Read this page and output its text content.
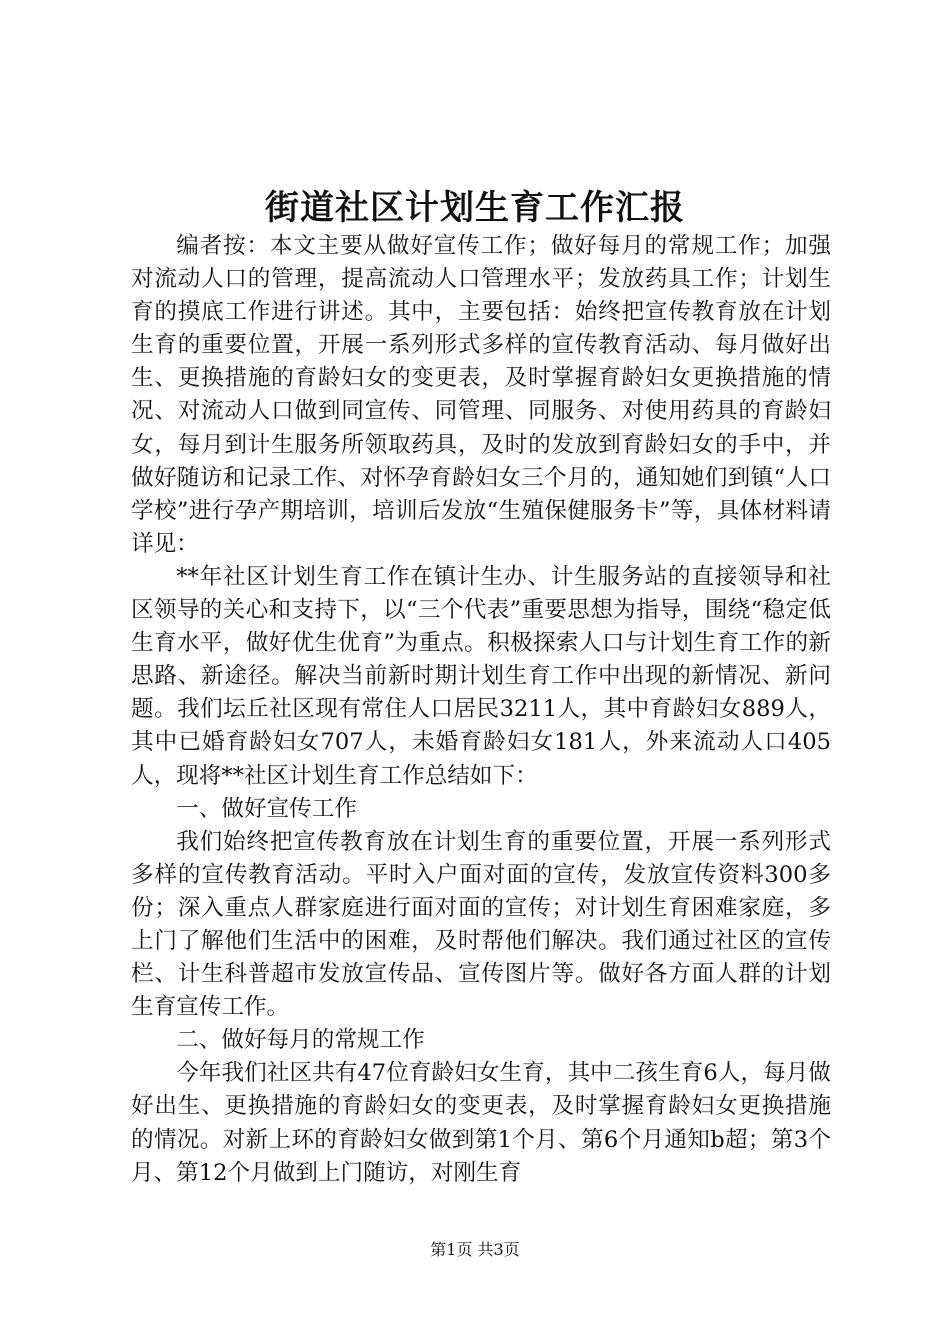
街道社区计划生育工作汇报

编者按：本文主要从做好宣传工作；做好每月的常规工作；加强对流动人口的管理，提高流动人口管理水平；发放药具工作；计划生育的摸底工作进行讲述。其中，主要包括：始终把宣传教育放在计划生育的重要位置，开展一系列形式多样的宣传教育活动、每月做好出生、更换措施的育龄妇女的变更表，及时掌握育龄妇女更换措施的情况、对流动人口做到同宣传、同管理、同服务、对使用药具的育龄妇女，每月到计生服务所领取药具，及时的发放到育龄妇女的手中，并做好随访和记录工作、对怀孕育龄妇女三个月的，通知她们到镇“人口学校”进行孕产期培训，培训后发放“生殖保健服务卡”等，具体材料请详见：

**年社区计划生育工作在镇计生办、计生服务站的直接领导和社区领导的关心和支持下，以“三个代表”重要思想为指导，围绕“稳定低生育水平，做好优生优育”为重点。积极探索人口与计划生育工作的新思路、新途径。解决当前新时期计划生育工作中出现的新情况、新问题。我们坛丘社区现有常住人口居民3211人，其中育龄妇女889人，其中已婚育龄妇女707人，未婚育龄妇女181人，外来流动人口405人，现将**社区计划生育工作总结如下：

一、做好宣传工作

我们始终把宣传教育放在计划生育的重要位置，开展一系列形式多样的宣传教育活动。平时入户面对面的宣传，发放宣传资料300多份；深入重点人群家庭进行面对面的宣传；对计划生育困难家庭，多上门了解他们生活中的困难，及时帮他们解决。我们通过社区的宣传栏、计生科普超市发放宣传品、宣传图片等。做好各方面人群的计划生育宣传工作。

二、做好每月的常规工作

今年我们社区共有47位育龄妇女生育，其中二孩生育6人，每月做好出生、更换措施的育龄妇女的变更表，及时掌握育龄妇女更换措施的情况。对新上环的育龄妇女做到第1个月、第6个月通知b超；第3个月、第12个月做到上门随访，对刚生育

第1页 共3页
